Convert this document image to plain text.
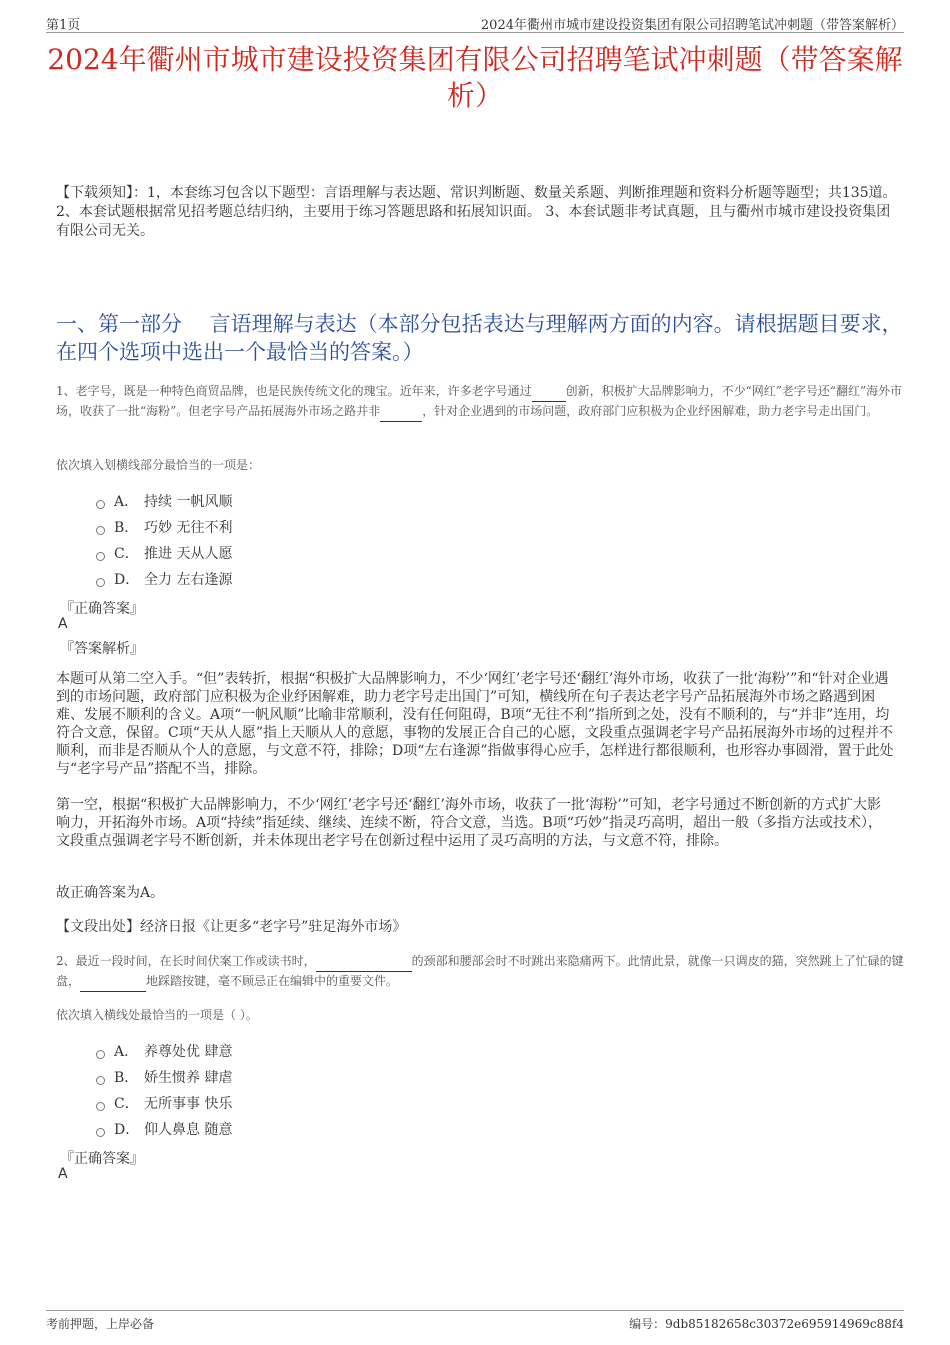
第1页	2024年衢州市城市建设投资集团有限公司招聘笔试冲刺题（带答案解析）
2024年衢州市城市建设投资集团有限公司招聘笔试冲刺题（带答案解析）
【下载须知】：1，本套练习包含以下题型：言语理解与表达题、常识判断题、数量关系题、判断推理题和资料分析题等题型；共135道。 2、本套试题根据常见招考题总结归纳，主要用于练习答题思路和拓展知识面。 3、本套试题非考试真题，且与衢州市城市建设投资集团有限公司无关。
一、第一部分　 言语理解与表达（本部分包括表达与理解两方面的内容。请根据题目要求，在四个选项中选出一个最恰当的答案。）
1、老字号，既是一种特色商贸品牌，也是民族传统文化的瑰宝。近年来，许多老字号通过	创新，积极扩大品牌影响力，不少“网红”老字号还“翻红”海外市场，收获了一批“海粉”。但老字号产品拓展海外市场之路并非	，针对企业遇到的市场问题，政府部门应积极为企业纾困解难，助力老字号走出国门。
依次填入划横线部分最恰当的一项是：
A． 持续 一帆风顺
B． 巧妙 无往不利
C． 推进 天从人愿
D． 全力 左右逢源
『正确答案』
A
『答案解析』
本题可从第二空入手。“但”表转折，根据“积极扩大品牌影响力，不少‘网红’老字号还‘翻红’海外市场，收获了一批‘海粉’”和“针对企业遇到的市场问题，政府部门应积极为企业纾困解难，助力老字号走出国门”可知，横线所在句子表达老字号产品拓展海外市场之路遇到困难、发展不顺利的含义。A项“一帆风顺”比喻非常顺利，没有任何阻碍，B项“无往不利”指所到之处，没有不顺利的，与“并非”连用，均符合文意，保留。C项“天从人愿”指上天顺从人的意愿，事物的发展正合自己的心愿，文段重点强调老字号产品拓展海外市场的过程并不顺利，而非是否顺从个人的意愿，与文意不符，排除；D项“左右逢源”指做事得心应手，怎样进行都很顺利，也形容办事圆滑，置于此处与“老字号产品”搭配不当，排除。
第一空，根据“积极扩大品牌影响力，不少‘网红’老字号还‘翻红’海外市场，收获了一批‘海粉’”可知，老字号通过不断创新的方式扩大影响力，开拓海外市场。A项“持续”指延续、继续、连续不断，符合文意，当选。B项“巧妙”指灵巧高明，超出一般（多指方法或技术），文段重点强调老字号不断创新，并未体现出老字号在创新过程中运用了灵巧高明的方法，与文意不符，排除。
故正确答案为A。
【文段出处】经济日报《让更多“老字号”驻足海外市场》
2、最近一段时间，在长时间伏案工作或读书时，	的颈部和腰部会时不时跳出来隐痛两下。此情此景，就像一只调皮的猫，突然跳上了忙碌的键盘，	地踩踏按键，毫不顾忌正在编辑中的重要文件。
依次填入横线处最恰当的一项是（ ）。
A． 养尊处优 肆意
B． 娇生惯养 肆虐
C． 无所事事 快乐
D． 仰人鼻息 随意
『正确答案』
A
考前押题，上岸必备	编号：9db85182658c30372e695914969c88f4
